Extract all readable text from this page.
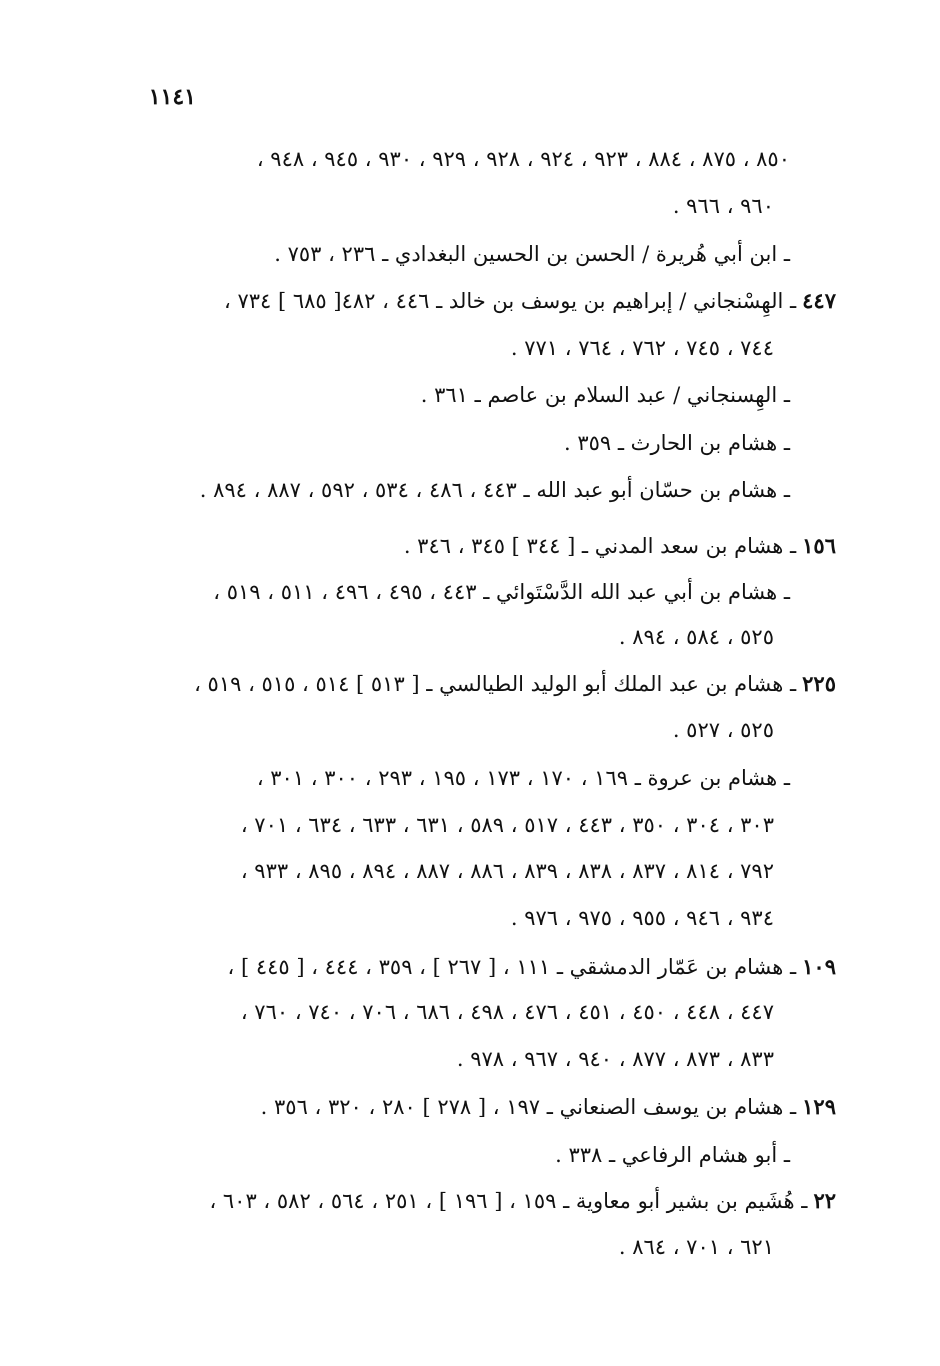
١١٤١
٨٥٠ ، ٨٧٥ ، ٨٨٤ ، ٩٢٣ ، ٩٢٤ ، ٩٢٨ ، ٩٢٩ ، ٩٣٠ ، ٩٤٥ ، ٩٤٨ ،
٩٦٠ ، ٩٦٦ .
ـ ابن أبي هُريرة / الحسن بن الحسين البغدادي ـ ٢٣٦ ، ٧٥٣ .
٤٤٧ـ الهِسْنجاني / إبراهيم بن يوسف بن خالد ـ ٤٤٦ ، ٤٨٢[ ٦٨٥ ] ٧٣٤ ،
٧٤٤ ، ٧٤٥ ، ٧٦٢ ، ٧٦٤ ، ٧٧١ .
ـ الهِسنجاني / عبد السلام بن عاصم ـ ٣٦١ .
ـ هشام بن الحارث ـ ٣٥٩ .
ـ هشام بن حسّان أبو عبد الله ـ ٤٤٣ ، ٤٨٦ ، ٥٣٤ ، ٥٩٢ ، ٨٨٧ ، ٨٩٤ .
١٥٦ـ هشام بن سعد المدني ـ [ ٣٤٤ ] ٣٤٥ ، ٣٤٦ .
ـ هشام بن أبي عبد الله الدَّسْتَوائي ـ ٤٤٣ ، ٤٩٥ ، ٤٩٦ ، ٥١١ ، ٥١٩ ،
٥٢٥ ، ٥٨٤ ، ٨٩٤ .
٢٢٥ـ هشام بن عبد الملك أبو الوليد الطيالسي ـ [ ٥١٣ ] ٥١٤ ، ٥١٥ ، ٥١٩ ،
٥٢٥ ، ٥٢٧ .
ـ هشام بن عروة ـ ١٦٩ ، ١٧٠ ، ١٧٣ ، ١٩٥ ، ٢٩٣ ، ٣٠٠ ، ٣٠١ ،
٣٠٣ ، ٣٠٤ ، ٣٥٠ ، ٤٤٣ ، ٥١٧ ، ٥٨٩ ، ٦٣١ ، ٦٣٣ ، ٦٣٤ ، ٧٠١ ،
٧٩٢ ، ٨١٤ ، ٨٣٧ ، ٨٣٨ ، ٨٣٩ ، ٨٨٦ ، ٨٨٧ ، ٨٩٤ ، ٨٩٥ ، ٩٣٣ ،
٩٣٤ ، ٩٤٦ ، ٩٥٥ ، ٩٧٥ ، ٩٧٦ .
١٠٩ـ هشام بن عَمّار الدمشقي ـ ١١١ ، [ ٢٦٧ ] ، ٣٥٩ ، ٤٤٤ ، [ ٤٤٥ ] ،
٤٤٧ ، ٤٤٨ ، ٤٥٠ ، ٤٥١ ، ٤٧٦ ، ٤٩٨ ، ٦٨٦ ، ٧٠٦ ، ٧٤٠ ، ٧٦٠ ،
٨٣٣ ، ٨٧٣ ، ٨٧٧ ، ٩٤٠ ، ٩٦٧ ، ٩٧٨ .
١٢٩ـ هشام بن يوسف الصنعاني ـ ١٩٧ ، [ ٢٧٨ ] ٢٨٠ ، ٣٢٠ ، ٣٥٦ .
ـ أبو هشام الرفاعي ـ ٣٣٨ .
٢٢ـ هُشَيم بن بشير أبو معاوية ـ ١٥٩ ، [ ١٩٦ ] ، ٢٥١ ، ٥٦٤ ، ٥٨٢ ، ٦٠٣ ،
٦٢١ ، ٧٠١ ، ٨٦٤ .
